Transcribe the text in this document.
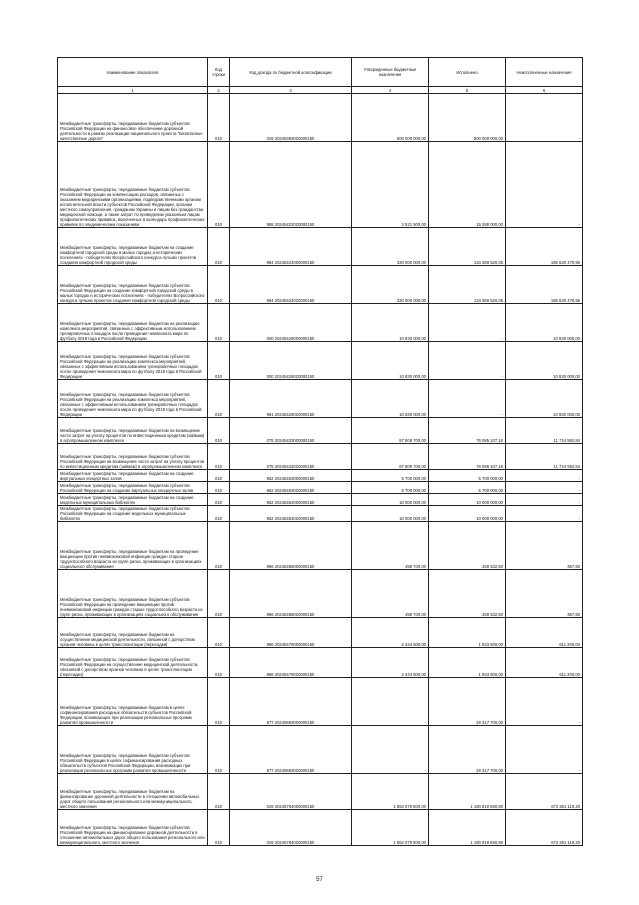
Наименование показателя	Код строки	Код дохода по бюджетной классификации	Утвержденные бюджетные назначения	Исполнено	Неисполненные назначения
1	2	3	4	5	6
Межбюджетные трансферты, передаваемые бюджетам субъектов Российской Федерации на финансовое обеспечение дорожной деятельности в рамках реализации национального проекта "Безопасные качественные дороги"	010	029 20245393020000150	500 000 000,00	500 000 000,00	-
Межбюджетные трансферты, передаваемые бюджетам субъектов Российской Федерации на компенсацию расходов, связанных с оказанием медицинскими организациями, подведомственными органам исполнительной власти субъектов Российской Федерации, органам местного самоуправления, гражданам Украины и лицам без гражданства медицинской помощи, а также затрат по проведению указанным лицам профилактических прививок, включенных в календарь профилактических прививок по эпидемическим показаниям	010	988 20245422020000150	3 521 500,00	15 288 000,00	-
Межбюджетные трансферты, передаваемые бюджетам на создание комфортной городской среды в малых городах и исторических поселениях - победителях Всероссийского конкурса лучших проектов создания комфортной городской среды	010	984 20245424000000150	320 000 000,00	134 369 520,05	185 630 479,95
Межбюджетные трансферты, передаваемые бюджетам субъектов Российской Федерации на создание комфортной городской среды в малых городах и исторических поселениях - победителях Всероссийского конкурса лучших проектов создания комфортной городской среды	010	984 20245424020000150	320 000 000,00	134 369 520,05	185 630 479,95
Межбюджетные трансферты, передаваемые бюджетам на реализацию комплекса мероприятий, связанных с эффективным использованием тренировочных площадок после проведения чемпионата мира по футболу 2018 года в Российской Федерации	010	000 20245426000000150	10 830 000,00	-	10 830 000,00
Межбюджетные трансферты, передаваемые бюджетам субъектов Российской Федерации на реализацию комплекса мероприятий, связанных с эффективным использованием тренировочных площадок после проведения чемпионата мира по футболу 2018 года в Российской Федерации	010	000 20245426020000150	10 830 000,00	-	10 830 000,00
Межбюджетные трансферты, передаваемые бюджетам субъектов Российской Федерации на реализацию комплекса мероприятий, связанных с эффективным использованием тренировочных площадок после проведения чемпионата мира по футболу 2018 года в Российской Федерации	010	961 20245426020000150	10 830 000,00	-	10 830 000,00
Межбюджетные трансферты, передаваемые бюджетам на возмещение части затрат на уплату процентов по инвестиционным кредитам (займам) в агропромышленном комплексе	010	075 20245433000000150	87 809 700,00	76 085 107,16	11 724 592,84
Межбюджетные трансферты, передаваемые бюджетам субъектов Российской Федерации на возмещение части затрат на уплату процентов по инвестиционным кредитам (займам) в агропромышленном комплексе	010	075 20245433020000150	87 809 700,00	76 085 107,16	11 724 592,84
Межбюджетные трансферты, передаваемые бюджетам на создание виртуальных концертных залов	010	962 20245453000000150	5 700 000,00	5 700 000,00	-
Межбюджетные трансферты, передаваемые бюджетам субъектов Российской Федерации на создание виртуальных концертных залов	010	962 20245453020000150	5 700 000,00	5 700 000,00	-
Межбюджетные трансферты, передаваемые бюджетам на создание модельных муниципальных библиотек	010	962 20245454000000150	10 000 000,00	10 000 000,00	-
Межбюджетные трансферты, передаваемые бюджетам субъектов Российской Федерации на создание модельных муниципальных библиотек	010	962 20245454020000150	10 000 000,00	10 000 000,00	-
Межбюджетные трансферты, передаваемые бюджетам на проведение вакцинации против пневмококковой инфекции граждан старше трудоспособного возраста из групп риска, проживающих в организациях социального обслуживания	010	986 20245468000000150	459 700,00	459 332,50	367,50
Межбюджетные трансферты, передаваемые бюджетам субъектов Российской Федерации на проведение вакцинации против пневмококковой инфекции граждан старше трудоспособного возраста из групп риска, проживающих в организациях социального обслуживания	010	986 20245468020000150	459 700,00	459 332,50	367,50
Межбюджетные трансферты, передаваемые бюджетам на осуществление медицинской деятельности, связанной с донорством органов человека в целях трансплантации (пересадки)	010	986 20245476000000150	2 444 600,00	1 833 600,00	611 200,00
Межбюджетные трансферты, передаваемые бюджетам субъектов Российской Федерации на осуществление медицинской деятельности, связанной с донорством органов человека в целях трансплантации (пересадки)	010	986 20245476020000150	2 444 600,00	1 833 600,00	611 200,00
Межбюджетные трансферты, передаваемые бюджетам в целях софинансирования расходных обязательств субъектов Российской Федерации, возникающих при реализации региональных программ развития промышленности	010	977 20245593000000150	-	29 317 700,00	-
Межбюджетные трансферты, передаваемые бюджетам субъектов Российской Федерации в целях софинансирования расходных обязательств субъектов Российской Федерации, возникающих при реализации региональных программ развития промышленности	010	977 20245593020000150	-	29 317 700,00	-
Межбюджетные трансферты, передаваемые бюджетам на финансирование дорожной деятельности в отношении автомобильных дорог общего пользования регионального или межмуниципального, местного значения	010	029 20245784000000150	1 854 079 800,00	1 180 818 680,80	673 261 119,20
Межбюджетные трансферты, передаваемые бюджетам субъектов Российской Федерации на финансирование дорожной деятельности в отношении автомобильных дорог общего пользования регионального или межмуниципального, местного значения	010	029 20245784020000150	1 854 079 800,00	1 180 818 680,80	673 261 119,20
57
